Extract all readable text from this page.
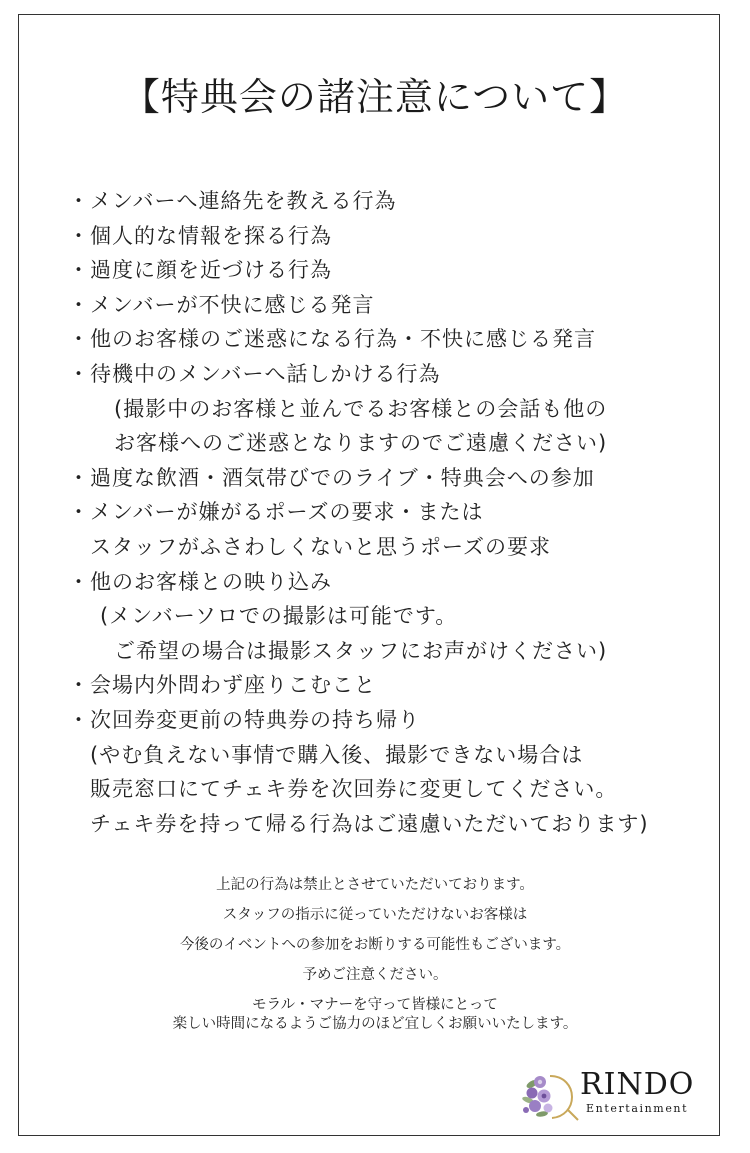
【特典会の諸注意について】
・メンバーへ連絡先を教える行為
・個人的な情報を探る行為
・過度に顔を近づける行為
・メンバーが不快に感じる発言
・他のお客様のご迷惑になる行為・不快に感じる発言
・待機中のメンバーへ話しかける行為
(撮影中のお客様と並んでるお客様との会話も他の
お客様へのご迷惑となりますのでご遠慮ください)
・過度な飲酒・酒気帯びでのライブ・特典会への参加
・メンバーが嫌がるポーズの要求・または
スタッフがふさわしくないと思うポーズの要求
・他のお客様との映り込み
(メンバーソロでの撮影は可能です。
ご希望の場合は撮影スタッフにお声がけください)
・会場内外問わず座りこむこと
・次回券変更前の特典券の持ち帰り
(やむ負えない事情で購入後、撮影できない場合は
販売窓口にてチェキ券を次回券に変更してください。
チェキ券を持って帰る行為はご遠慮いただいております)
上記の行為は禁止とさせていただいております。
スタッフの指示に従っていただけないお客様は
今後のイベントへの参加をお断りする可能性もございます。
予めご注意ください。
モラル・マナーを守って皆様にとって
楽しい時間になるようご協力のほど宜しくお願いいたします。
RINDO
Entertainment
